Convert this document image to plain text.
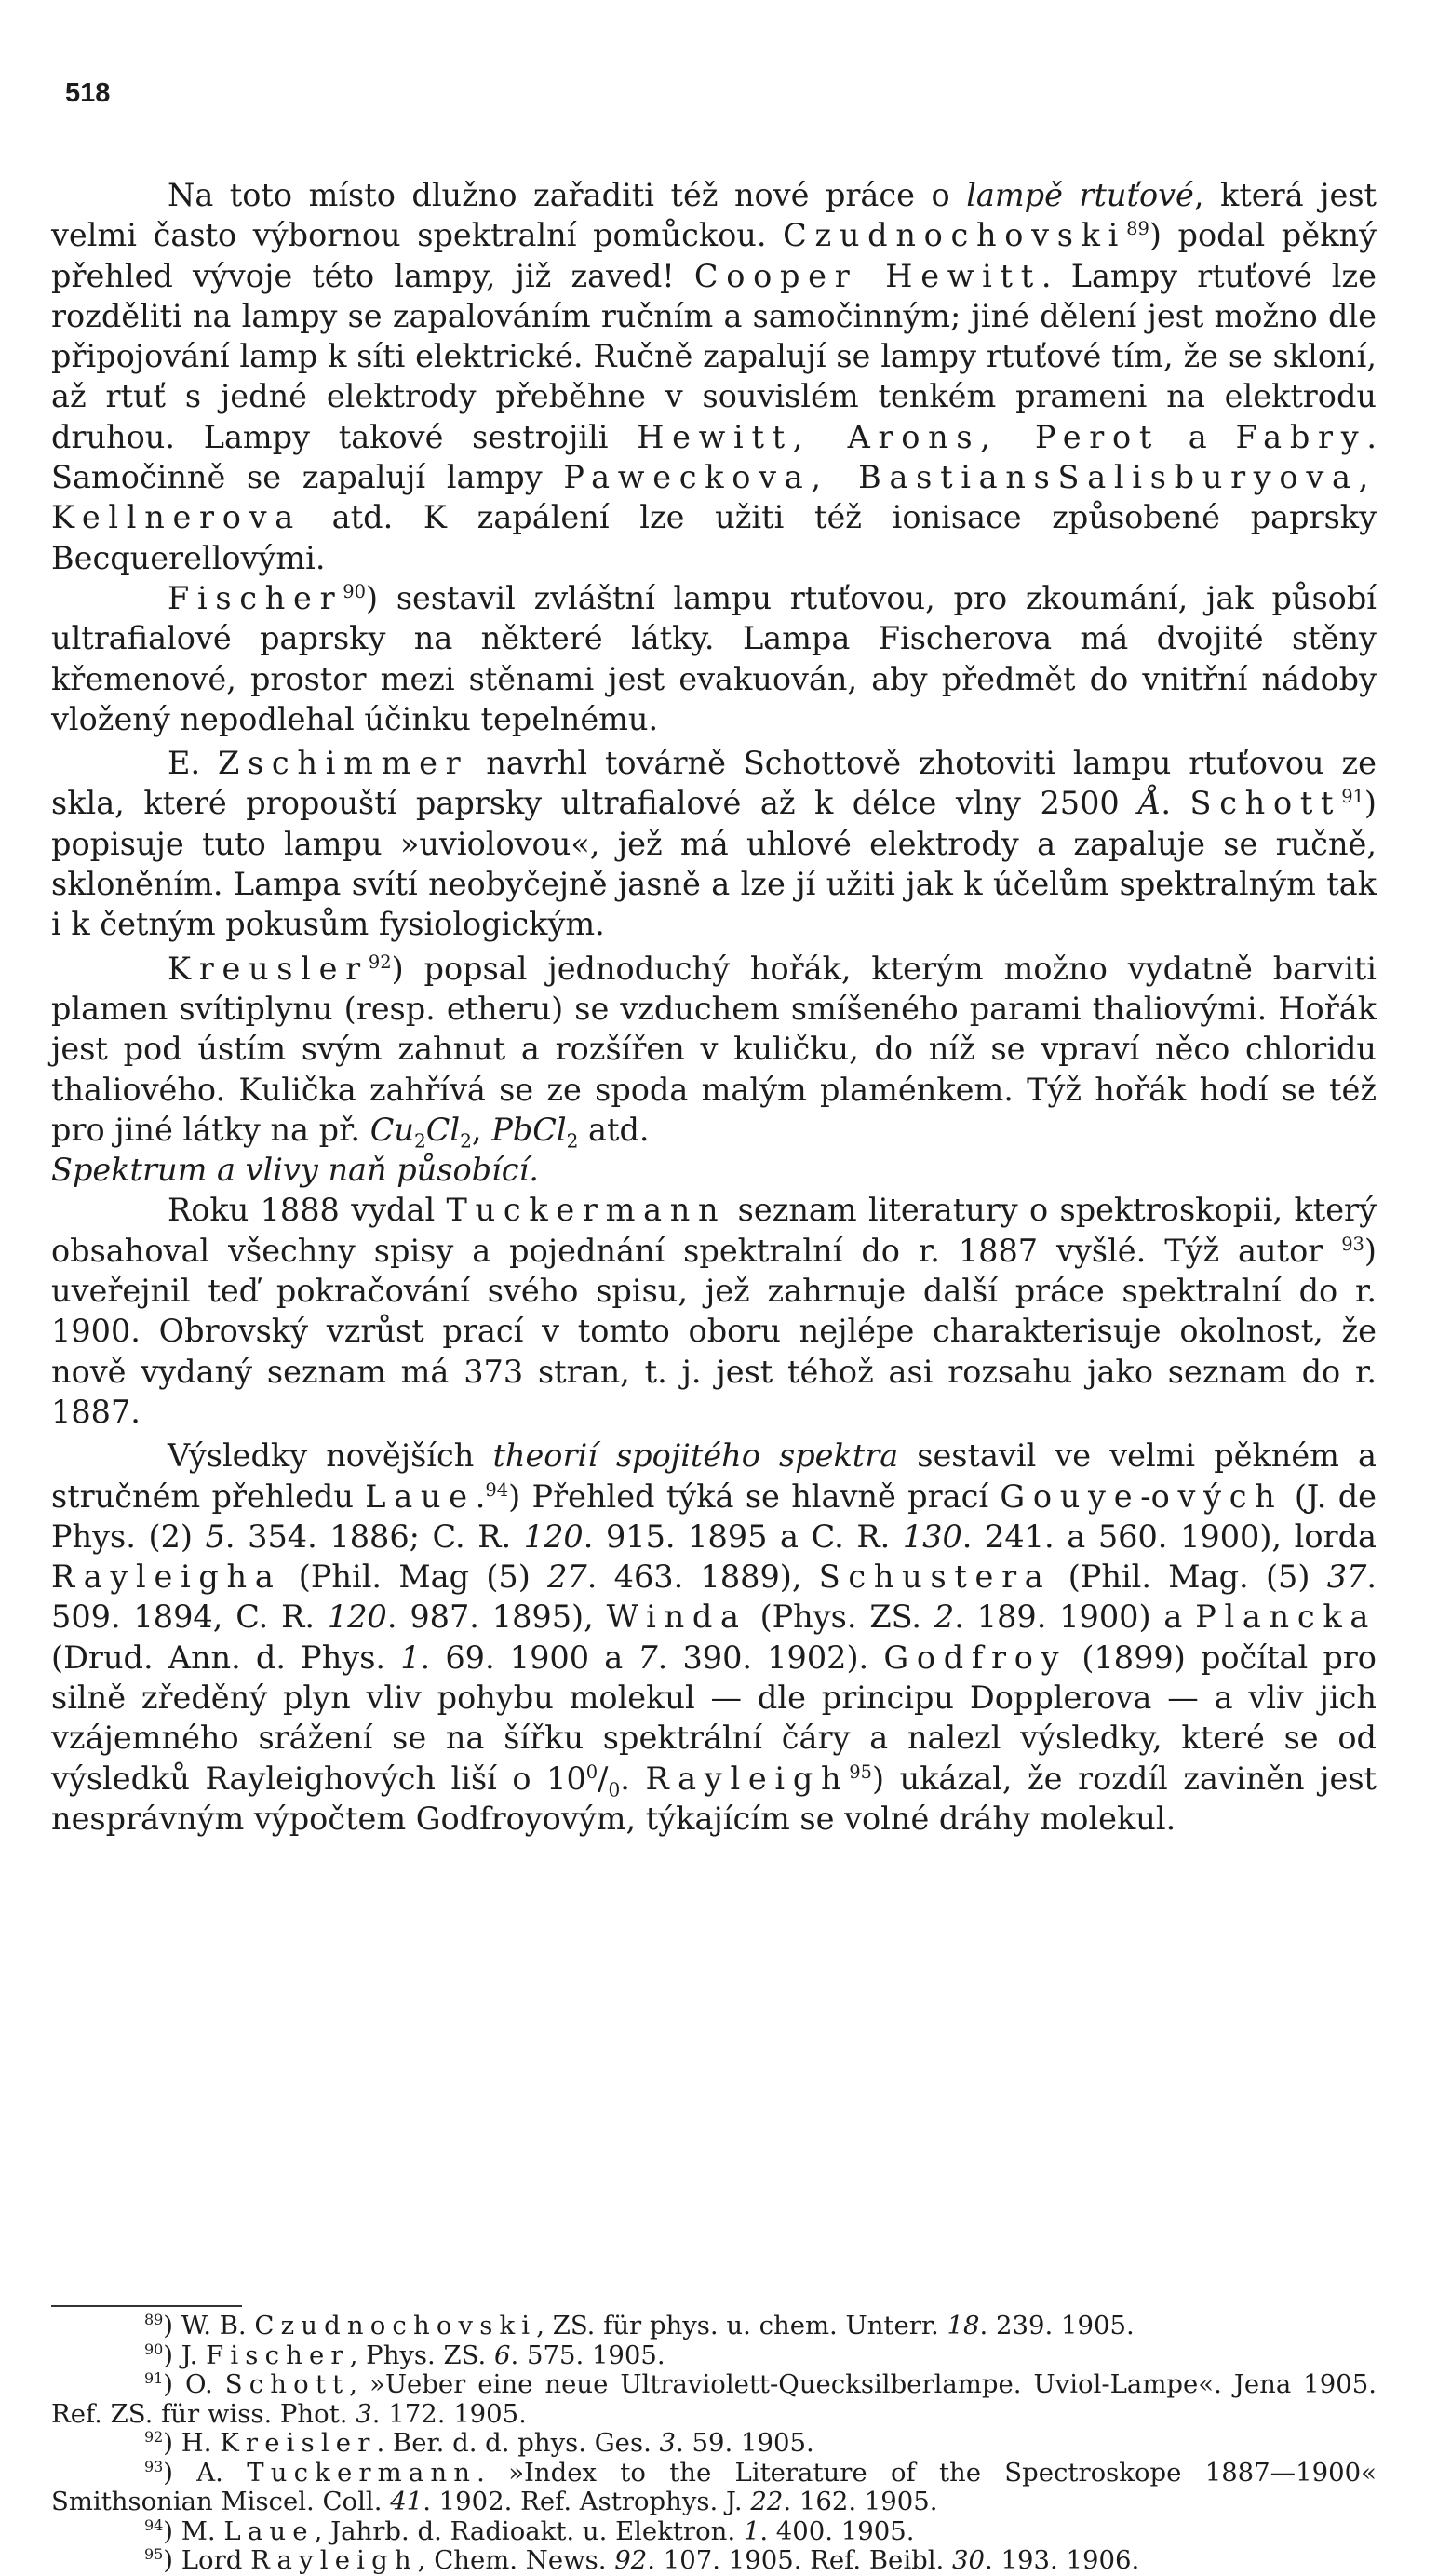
518

Na toto místo dlužno zařaditi též nové práce o lampě rtuťové, která jest velmi často výbornou spektralní pomůckou. Czudnochovski$^{89}$) podal pěkný přehled vývoje této lampy, již zaved! Cooper Hewitt. Lampy rtuťové lze rozděliti na lampy se zapalováním ručním a samočinným; jiné dělení jest možno dle připojování lamp k síti elektrické. Ručně zapalují se lampy rtuťové tím, že se skloní, až rtuť s jedné elektrody přeběhne v souvislém tenkém prameni na elektrodu druhou. Lampy takové sestrojili Hewitt, Arons, Perot a Fabry. Samočinně se zapalují lampy Paweckova, BastiansSalisburyova, Kellnerova atd. K zapálení lze užiti též ionisace způsobené paprsky Becquerellovými.

Fischer$^{90}$) sestavil zvláštní lampu rtuťovou, pro zkoumání, jak působí ultrafialové paprsky na některé látky. Lampa Fischerova má dvojité stěny křemenové, prostor mezi stěnami jest evakuován, aby předmět do vnitřní nádoby vložený nepodlehal účinku tepelnému.

E. Zschimmer navrhl továrně Schottově zhotoviti lampu rtuťovou ze skla, které propouští paprsky ultrafialové až k délce vlny 2500 Å. Schott$^{91}$) popisuje tuto lampu »uviolovou«, jež má uhlové elektrody a zapaluje se ručně, skloněním. Lampa svítí neobyčejně jasně a lze jí užiti jak k účelům spektralným tak i k četným pokusům fysiologickým.

Kreusler$^{92}$) popsal jednoduchý hořák, kterým možno vydatně barviti plamen svítiplynu (resp. etheru) se vzduchem smíšeného parami thaliovými. Hořák jest pod ústím svým zahnut a rozšířen v kuličku, do níž se vpraví něco chloridu thaliového. Kulička zahřívá se ze spoda malým plaménkem. Týž hořák hodí se též pro jiné látky na př. $Cu_2Cl_2$, PbCl$_2$ atd.

Spektrum a vlivy naň působící.

Roku 1888 vydal Tuckermann seznam literatury o spektroskopii, který obsahoval všechny spisy a pojednání spektralní do r. 1887 vyšlé. Týž autor $^{93}$) uveřejnil teď pokračování svého spisu, jež zahrnuje další práce spektralní do r. 1900. Obrovský vzrůst prací v tomto oboru nejlépe charakterisuje okolnost, že nově vydaný seznam má 373 stran, t. j. jest téhož asi rozsahu jako seznam do r. 1887.

Výsledky novějších theorií spojitého spektra sestavil ve velmi pěkném a stručném přehledu Laue.$^{94}$) Přehled týká se hlavně prací Gouye-ových (J. de Phys. (2) 5. 354. 1886; C. R. 120. 915. 1895 a C. R. 130. 241. a 560. 1900), lorda Rayleigha (Phil. Mag (5) 27. 463. 1889), Schustera (Phil. Mag. (5) 37. 509. 1894, C. R. 120. 987. 1895), Winda (Phys. ZS. 2. 189. 1900) a Plancka (Drud. Ann. d. Phys. 1. 69. 1900 a 7. 390. 1902). Godfroy (1899) počítal pro silně zředěný plyn vliv pohybu molekul — dle principu Dopplerova — a vliv jich vzájemného srážení se na šířku spektrální čáry a nalezl výsledky, které se od výsledků Rayleighových liší o $10^0/_0$. Rayleigh$^{95}$) ukázal, že rozdíl zaviněn jest nesprávným výpočtem Godfroyovým, týkajícím se volné dráhy molekul.

$^{89}$) W. B. Czudnochovski, ZS. für phys. u. chem. Unterr. 18. 239. 1905.

$^{90}$) J. Fischer, Phys. ZS. 6. 575. 1905.

$^{91}$) O. Schott, »Ueber eine neue Ultraviolett-Quecksilberlampe. Uviol-Lampe«. Jena 1905. Ref. ZS. für wiss. Phot. 3. 172. 1905.

$^{92}$) H. Kreisler. Ber. d. d. phys. Ges. 3. 59. 1905.

$^{93}$) A. Tuckermann. »Index to the Literature of the Spectroskope 1887—1900« Smithsonian Miscel. Coll. 41. 1902. Ref. Astrophys. J. 22. 162. 1905.

$^{94}$) M. Laue, Jahrb. d. Radioakt. u. Elektron. 1. 400. 1905.

$^{95}$) Lord Rayleigh, Chem. News. 92. 107. 1905. Ref. Beibl. 30. 193. 1906.
